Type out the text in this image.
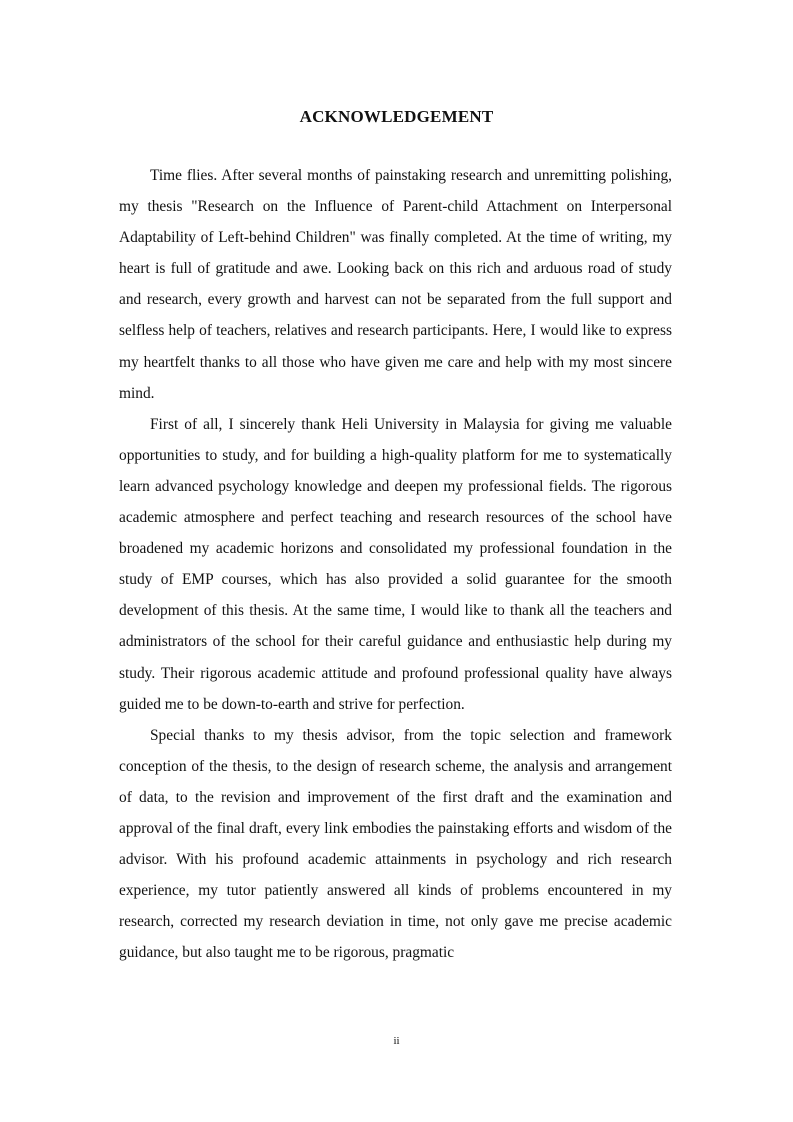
ACKNOWLEDGEMENT

Time flies. After several months of painstaking research and unremitting polishing, my thesis "Research on the Influence of Parent-child Attachment on Interpersonal Adaptability of Left-behind Children" was finally completed. At the time of writing, my heart is full of gratitude and awe. Looking back on this rich and arduous road of study and research, every growth and harvest can not be separated from the full support and selfless help of teachers, relatives and research participants. Here, I would like to express my heartfelt thanks to all those who have given me care and help with my most sincere mind.

First of all, I sincerely thank Heli University in Malaysia for giving me valuable opportunities to study, and for building a high-quality platform for me to systematically learn advanced psychology knowledge and deepen my professional fields. The rigorous academic atmosphere and perfect teaching and research resources of the school have broadened my academic horizons and consolidated my professional foundation in the study of EMP courses, which has also provided a solid guarantee for the smooth development of this thesis. At the same time, I would like to thank all the teachers and administrators of the school for their careful guidance and enthusiastic help during my study. Their rigorous academic attitude and profound professional quality have always guided me to be down-to-earth and strive for perfection.

Special thanks to my thesis advisor, from the topic selection and framework conception of the thesis, to the design of research scheme, the analysis and arrangement of data, to the revision and improvement of the first draft and the examination and approval of the final draft, every link embodies the painstaking efforts and wisdom of the advisor. With his profound academic attainments in psychology and rich research experience, my tutor patiently answered all kinds of problems encountered in my research, corrected my research deviation in time, not only gave me precise academic guidance, but also taught me to be rigorous, pragmatic

ii
